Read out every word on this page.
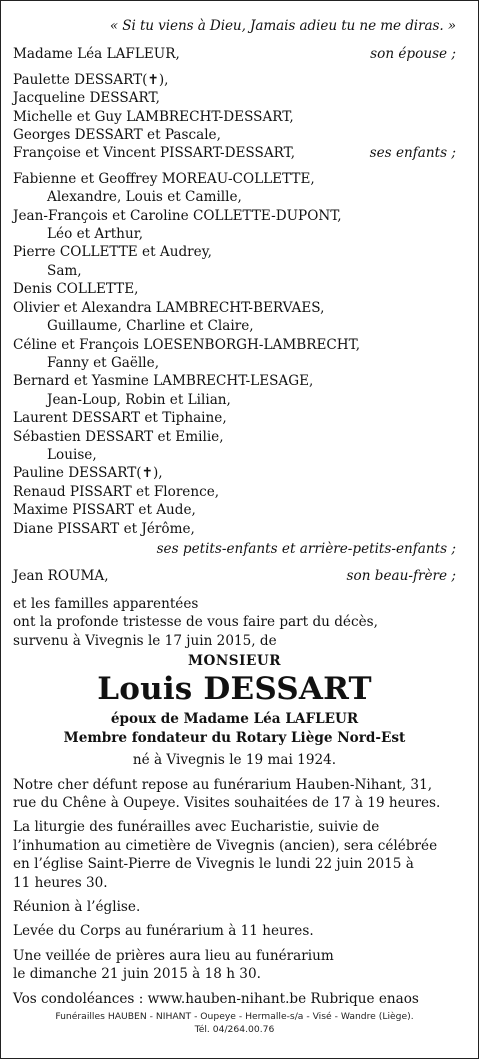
« Si tu viens à Dieu, Jamais adieu tu ne me diras. »
Madame Léa LAFLEUR,	son épouse ;
Paulette DESSART(✝),
Jacqueline DESSART,
Michelle et Guy LAMBRECHT-DESSART,
Georges DESSART et Pascale,
Françoise et Vincent PISSART-DESSART,	ses enfants ;
Fabienne et Geoffrey MOREAU-COLLETTE,
Alexandre, Louis et Camille,
Jean-François et Caroline COLLETTE-DUPONT,
Léo et Arthur,
Pierre COLLETTE et Audrey,
Sam,
Denis COLLETTE,
Olivier et Alexandra LAMBRECHT-BERVAES,
Guillaume, Charline et Claire,
Céline et François LOESENBORGH-LAMBRECHT,
Fanny et Gaëlle,
Bernard et Yasmine LAMBRECHT-LESAGE,
Jean-Loup, Robin et Lilian,
Laurent DESSART et Tiphaine,
Sébastien DESSART et Emilie,
Louise,
Pauline DESSART(✝),
Renaud PISSART et Florence,
Maxime PISSART et Aude,
Diane PISSART et Jérôme,
ses petits-enfants et arrière-petits-enfants ;
Jean ROUMA,	son beau-frère ;
et les familles apparentées
ont la profonde tristesse de vous faire part du décès,
survenu à Vivegnis le 17 juin 2015, de
MONSIEUR
Louis DESSART
époux de Madame Léa LAFLEUR
Membre fondateur du Rotary Liège Nord-Est
né à Vivegnis le 19 mai 1924.
Notre cher défunt repose au funérarium Hauben-Nihant, 31,
rue du Chêne à Oupeye. Visites souhaitées de 17 à 19 heures.
La liturgie des funérailles avec Eucharistie, suivie de
l’inhumation au cimetière de Vivegnis (ancien), sera célébrée
en l’église Saint-Pierre de Vivegnis le lundi 22 juin 2015 à
11 heures 30.
Réunion à l’église.
Levée du Corps au funérarium à 11 heures.
Une veillée de prières aura lieu au funérarium
le dimanche 21 juin 2015 à 18 h 30.
Vos condoléances : www.hauben-nihant.be Rubrique enaos
Funérailles HAUBEN - NIHANT - Oupeye - Hermalle-s/a - Visé - Wandre (Liège).
Tél. 04/264.00.76
